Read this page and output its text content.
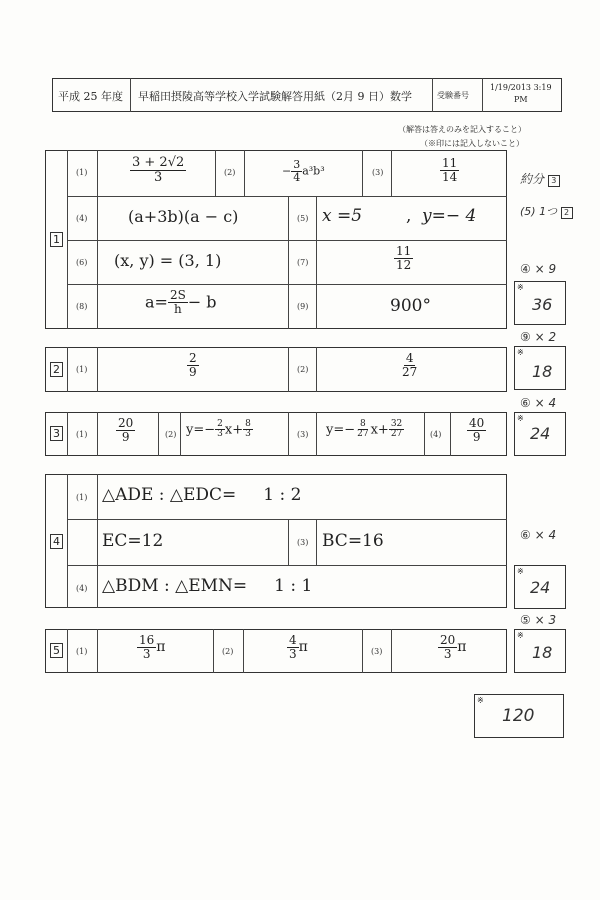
平成 25 年度 早稲田摂陵高等学校入学試験解答用紙（2月 9 日）数学	受験番号
1/19/2013 3:19
PM
（解答は答えのみを記入すること）
（※印には記入しないこと）
1
(1)	$\frac{3 + 2√2}{3}$	(2)	− $\frac{3}{4} a^3b^3$	(3)	$\frac{11}{14}$
(4)	(a+3b)(a − c)	(5) x =5	, y=− 4
(6) (x, y) = (3, 1)	(7)	$\frac{11}{12}$
(8)	$a= \frac{2S}{h} - b$	(9)	900°
2	(1)	$\frac{2}{9}$	(2)	$\frac{4}{27}$
3	$(1) \frac{20}{9}$	(2) $y=- \frac{2}{3} x+ \frac{8}{3}$	(3) $y=- \frac{8}{27} x+ \frac{32}{27}$	$(4) \frac{40}{9}$
4
(1) △ADE : △EDC=     1 : 2
EC=12	(3) BC=16
(4) △BDM : △EMN=     1 : 1
5	(1)	$\frac{16}{3}$ π	(2)	$\frac{4}{3}$ π	(3)	$\frac{20}{3}$ π
約分 3
(5) 1つ 2
④ × 9
※
36
⑨ × 2
※
18
⑥ × 4
※
24
⑥ × 4
※
24
⑤ × 3
※
18
※
120
